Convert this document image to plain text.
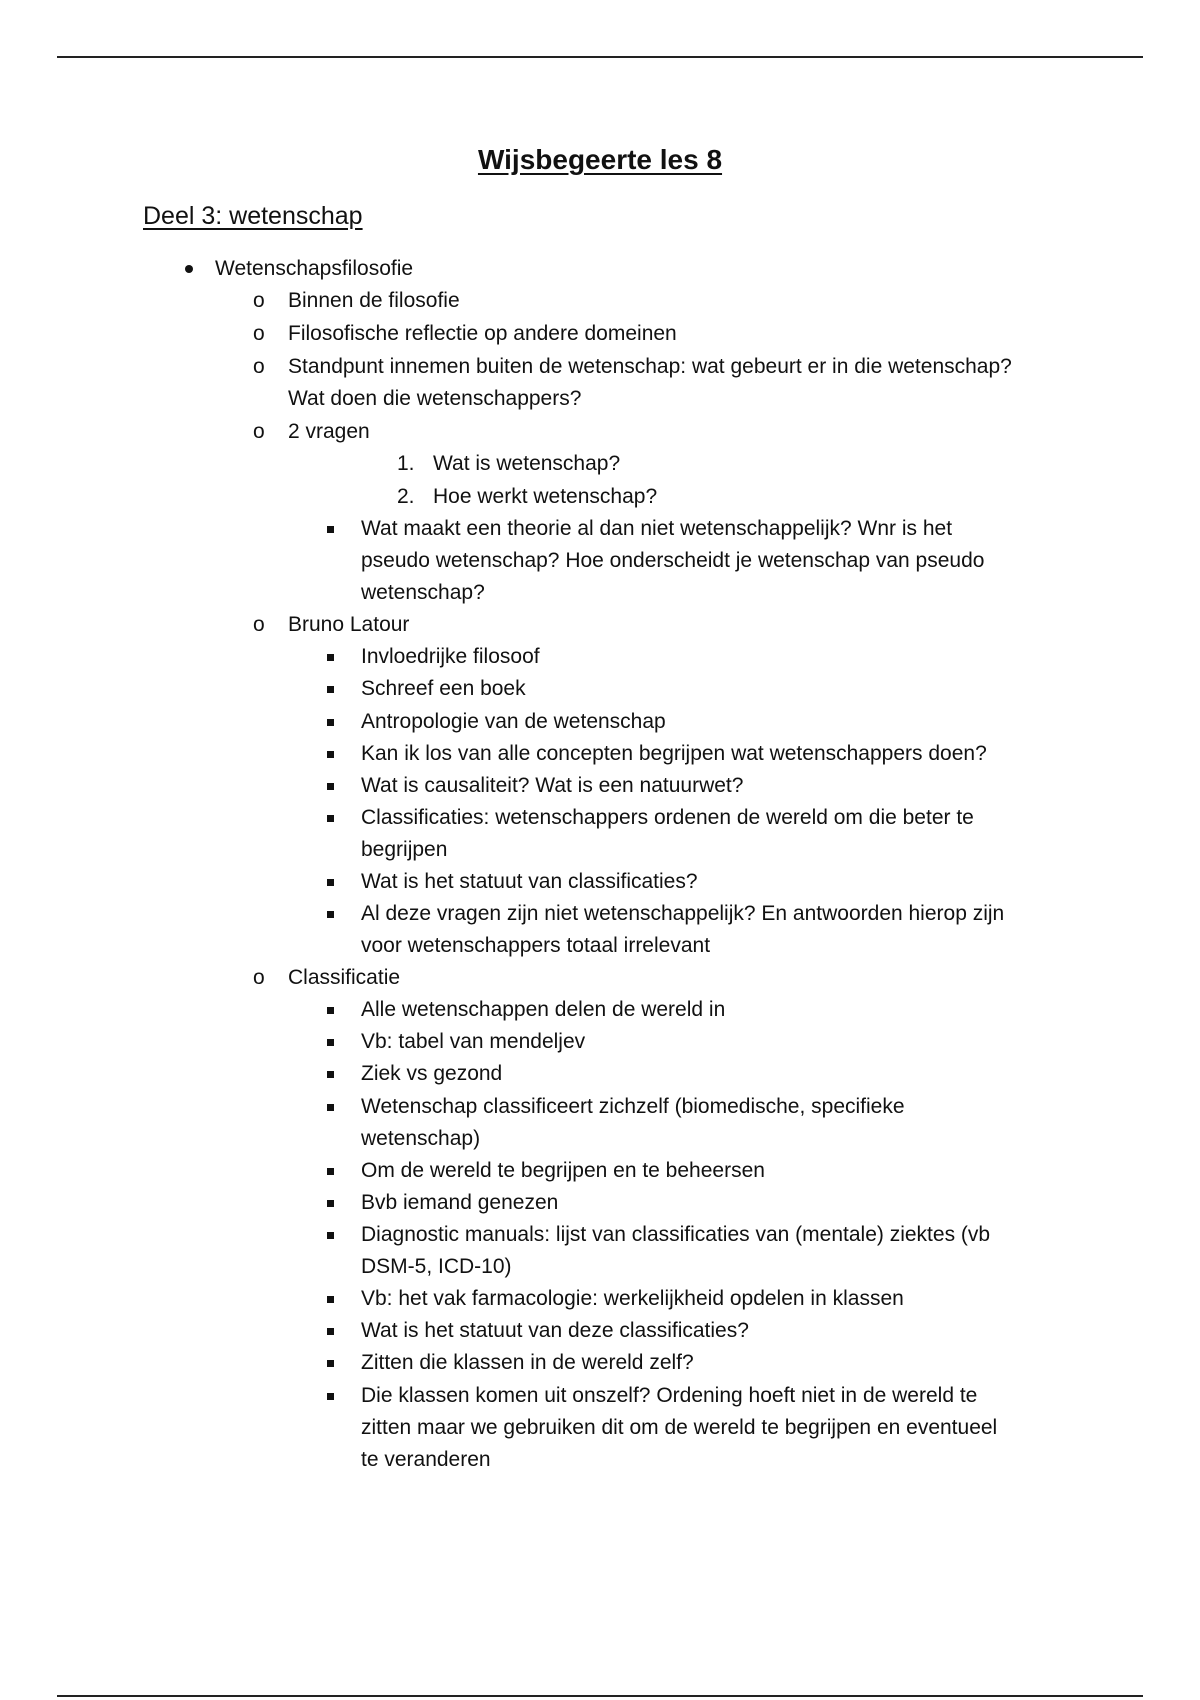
Wijsbegeerte les 8
Deel 3: wetenschap
Wetenschapsfilosofie
o Binnen de filosofie
o Filosofische reflectie op andere domeinen
o Standpunt innemen buiten de wetenschap: wat gebeurt er in die wetenschap?
Wat doen die wetenschappers?
o 2 vragen
1. Wat is wetenschap?
2. Hoe werkt wetenschap?
Wat maakt een theorie al dan niet wetenschappelijk? Wnr is het
pseudo wetenschap? Hoe onderscheidt je wetenschap van pseudo
wetenschap?
o Bruno Latour
Invloedrijke filosoof
Schreef een boek
Antropologie van de wetenschap
Kan ik los van alle concepten begrijpen wat wetenschappers doen?
Wat is causaliteit? Wat is een natuurwet?
Classificaties: wetenschappers ordenen de wereld om die beter te
begrijpen
Wat is het statuut van classificaties?
Al deze vragen zijn niet wetenschappelijk? En antwoorden hierop zijn
voor wetenschappers totaal irrelevant
o Classificatie
Alle wetenschappen delen de wereld in
Vb: tabel van mendeljev
Ziek vs gezond
Wetenschap classificeert zichzelf (biomedische, specifieke
wetenschap)
Om de wereld te begrijpen en te beheersen
Bvb iemand genezen
Diagnostic manuals: lijst van classificaties van (mentale) ziektes (vb
DSM-5, ICD-10)
Vb: het vak farmacologie: werkelijkheid opdelen in klassen
Wat is het statuut van deze classificaties?
Zitten die klassen in de wereld zelf?
Die klassen komen uit onszelf? Ordening hoeft niet in de wereld te
zitten maar we gebruiken dit om de wereld te begrijpen en eventueel
te veranderen
